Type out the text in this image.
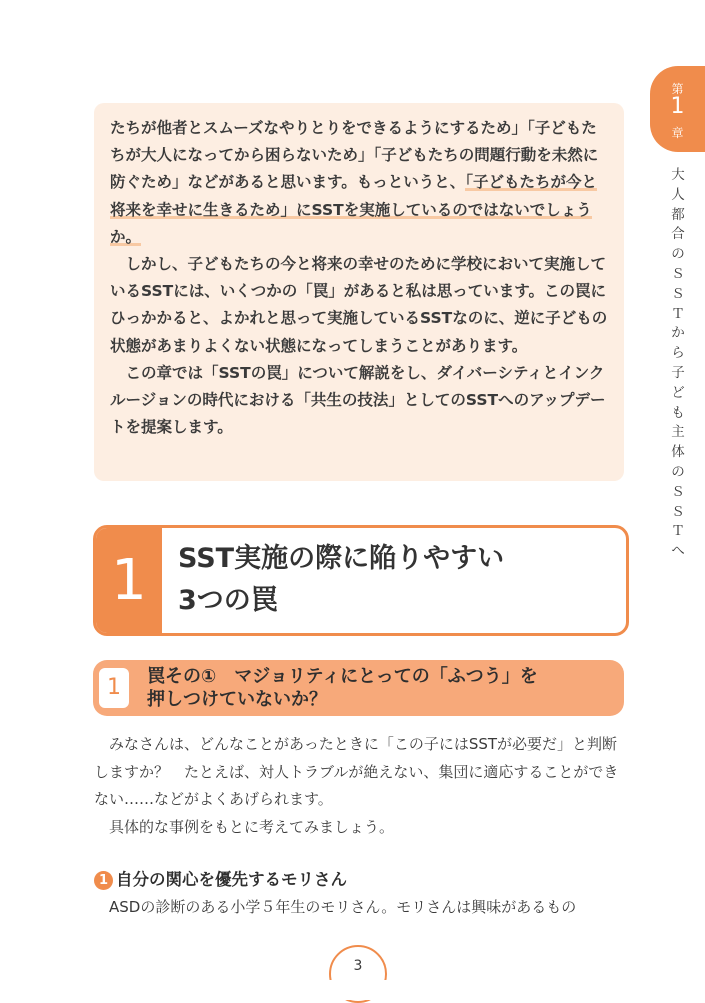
第
1
章
大人都合のＳＳＴから子ども主体のＳＳＴへ

たちが他者とスムーズなやりとりをできるようにするため」「子どもたちが大人になってから困らないため」「子どもたちの問題行動を未然に防ぐため」などがあると思います。もっというと、「子どもたちが今と将来を幸せに生きるため」にSSTを実施しているのではないでしょうか。

しかし、子どもたちの今と将来の幸せのために学校において実施しているSSTには、いくつかの「罠」があると私は思っています。この罠にひっかかると、よかれと思って実施しているSSTなのに、逆に子どもの状態があまりよくない状態になってしまうことがあります。

この章では「SSTの罠」について解説をし、ダイバーシティとインクルージョンの時代における「共生の技法」としてのSSTへのアップデートを提案します。

1	SST実施の際に陥りやすい
3つの罠
1	罠その①　マジョリティにとっての「ふつう」を
押しつけていないか？

みなさんは、どんなことがあったときに「この子にはSSTが必要だ」と判断しますか？　たとえば、対人トラブルが絶えない、集団に適応することができない……などがよくあげられます。

具体的な事例をもとに考えてみましょう。

1 自分の関心を優先するモリさん
ASDの診断のある小学５年生のモリさん。モリさんは興味があるもの
3
